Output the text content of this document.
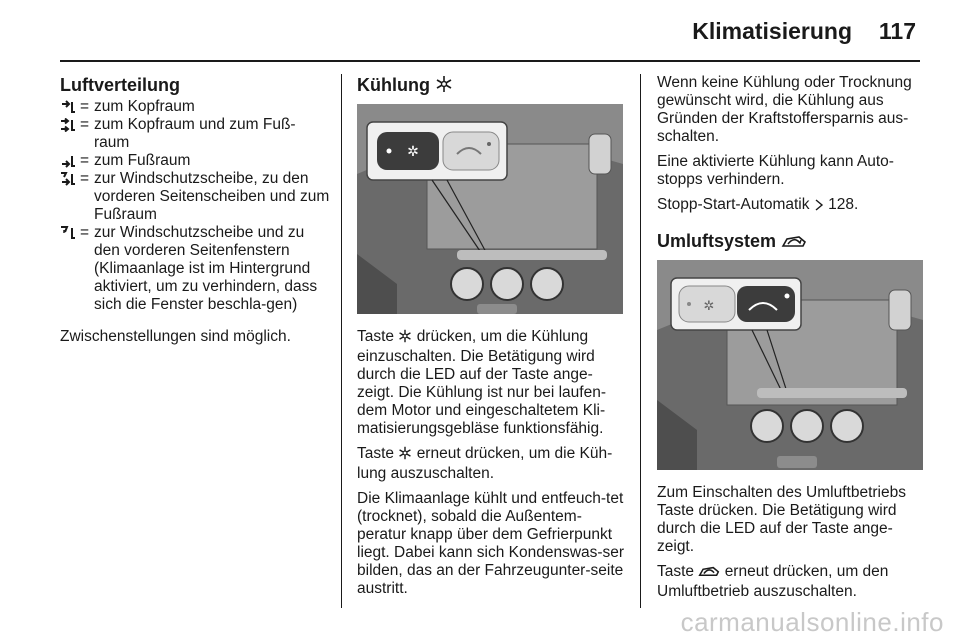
Klimatisierung 117
Luftverteilung
= zum Kopfraum
= zum Kopfraum und zum Fuß-raum
= zum Fußraum
= zur Windschutzscheibe, zu den vorderen Seitenscheiben und zum Fußraum
= zur Windschutzscheibe und zu den vorderen Seitenfenstern (Klimaanlage ist im Hintergrund aktiviert, um zu verhindern, dass sich die Fenster beschla-gen)

Zwischenstellungen sind möglich.

Kühlung
✲

Taste drücken, um die Kühlung einzuschalten. Die Betätigung wird durch die LED auf der Taste ange-zeigt. Die Kühlung ist nur bei laufen-dem Motor und eingeschaltetem Kli-matisierungsgebläse funktionsfähig.

Taste erneut drücken, um die Küh-lung auszuschalten.

Die Klimaanlage kühlt und entfeuch-tet (trocknet), sobald die Außentem-peratur knapp über dem Gefrierpunkt liegt. Dabei kann sich Kondenswas-ser bilden, das an der Fahrzeugunter-seite austritt.

Wenn keine Kühlung oder Trocknung gewünscht wird, die Kühlung aus Gründen der Kraftstoffersparnis aus-schalten.

Eine aktivierte Kühlung kann Auto-stopps verhindern.

Stopp-Start-Automatik 128.

Umluftsystem
✲

Zum Einschalten des Umluftbetriebs Taste drücken. Die Betätigung wird durch die LED auf der Taste ange-zeigt.

Taste erneut drücken, um den Umluftbetrieb auszuschalten.

carmanualsonline.info
